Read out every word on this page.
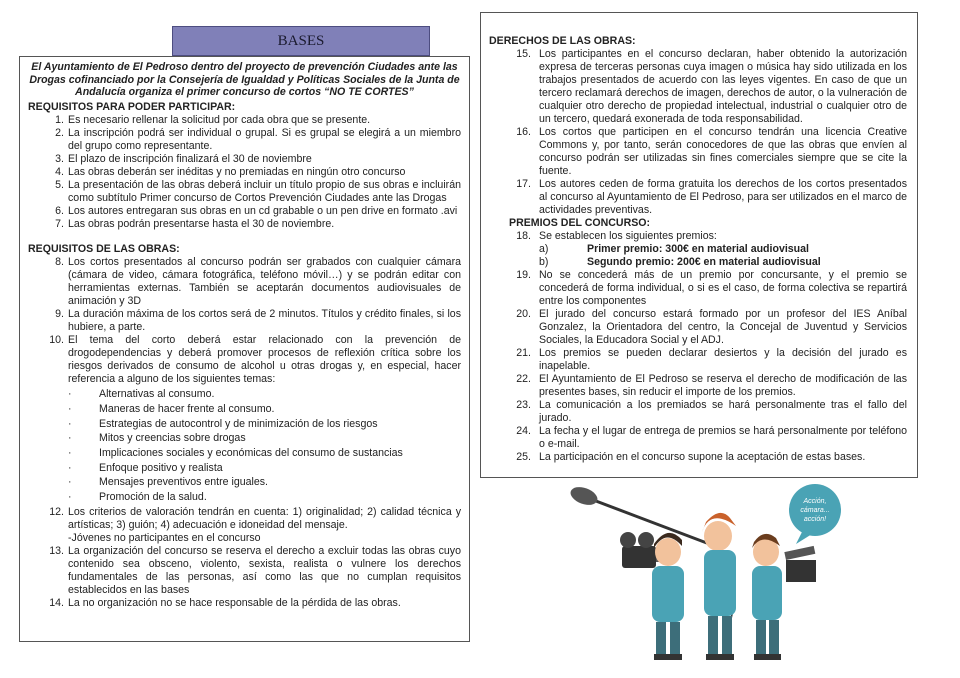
BASES

El Ayuntamiento de El Pedroso dentro del proyecto de prevención Ciudades ante las Drogas cofinanciado por la Consejería de Igualdad y Políticas Sociales de la Junta de Andalucía organiza el primer concurso de cortos “NO TE CORTES”

REQUISITOS PARA PODER PARTICIPAR:
1. Es necesario rellenar la solicitud por cada obra que se presente.
2. La inscripción podrá ser individual o grupal. Si es grupal se elegirá a un miembro del grupo como representante.
3. El plazo de inscripción finalizará el 30 de noviembre
4. Las obras deberán ser inéditas y no premiadas en ningún otro concurso
5. La presentación de las obras deberá incluir un título propio de sus obras e incluirán como subtítulo Primer concurso de Cortos Prevención Ciudades ante las Drogas
6. Los autores entregaran sus obras en un cd grabable o un pen drive en formato .avi
7. Las obras podrán presentarse hasta el 30 de noviembre.
REQUISITOS DE LAS OBRAS:
8. Los cortos presentados al concurso podrán ser grabados con cualquier cámara (cámara de video, cámara fotográfica, teléfono móvil…) y se podrán editar con herramientas externas. También se aceptarán documentos audiovisuales de animación y 3D
9. La duración máxima de los cortos será de 2 minutos. Títulos y crédito finales, si los hubiere, a parte.
10. El tema del corto deberá estar relacionado con la prevención de drogodependencias y deberá promover procesos de reflexión crítica sobre los riesgos derivados de consumo de alcohol u otras drogas y, en especial, hacer referencia a alguno de los siguientes temas:
·	Alternativas al consumo.
·	Maneras de hacer frente al consumo.
·	Estrategias de autocontrol y de minimización de los riesgos
·	Mitos y creencias sobre drogas
·	Implicaciones sociales y económicas del consumo de sustancias
·	Enfoque positivo y realista
·	Mensajes preventivos entre iguales.
·	Promoción de la salud.
12. Los criterios de valoración tendrán en cuenta: 1) originalidad; 2) calidad técnica y artísticas; 3) guión; 4) adecuación e idoneidad del mensaje.
-Jóvenes no participantes en el concurso
13. La organización del concurso se reserva el derecho a excluir todas las obras cuyo contenido sea obsceno, violento, sexista, realista o vulnere los derechos fundamentales de las personas, así como las que no cumplan requisitos establecidos en las bases
14. La no organización no se hace responsable de la pérdida de las obras.
DERECHOS DE LAS OBRAS:
15. Los participantes en el concurso declaran, haber obtenido la autorización expresa de terceras personas cuya imagen o música hay sido utilizada en los trabajos presentados de acuerdo con las leyes vigentes. En caso de que un tercero reclamará derechos de imagen, derechos de autor, o la vulneración de cualquier otro derecho de propiedad intelectual, industrial o cualquier otro de un tercero, quedará exonerada de toda responsabilidad.
16. Los cortos que participen en el concurso tendrán una licencia Creative Commons y, por tanto, serán conocedores de que las obras que envíen al concurso podrán ser utilizadas sin fines comerciales siempre que se cite la fuente.
17. Los autores ceden de forma gratuita los derechos de los cortos presentados al concurso al Ayuntamiento de El Pedroso, para ser utilizados en el marco de actividades preventivas.
PREMIOS DEL CONCURSO:
18. Se establecen los siguientes premios:
a)	Primer premio: 300€ en material audiovisual
b)	Segundo premio: 200€ en material audiovisual
19. No se concederá más de un premio por concursante, y el premio se concederá de forma individual, o si es el caso, de forma colectiva se repartirá entre los componentes
20. El jurado del concurso estará formado por un profesor del IES Aníbal Gonzalez, la Orientadora del centro, la Concejal de Juventud y Servicios Sociales, la Educadora Social y el ADJ.
21. Los premios se pueden declarar desiertos y la decisión del jurado es inapelable.
22. El Ayuntamiento de El Pedroso se reserva el derecho de modificación de las presentes bases, sin reducir el importe de los premios.
23. La comunicación a los premiados se hará personalmente tras el fallo del jurado.
24. La fecha y el lugar de entrega de premios se hará personalmente por teléfono o e-mail.
25. La participación en el concurso supone la aceptación de estas bases.
Acción,
cámara...
acción!
